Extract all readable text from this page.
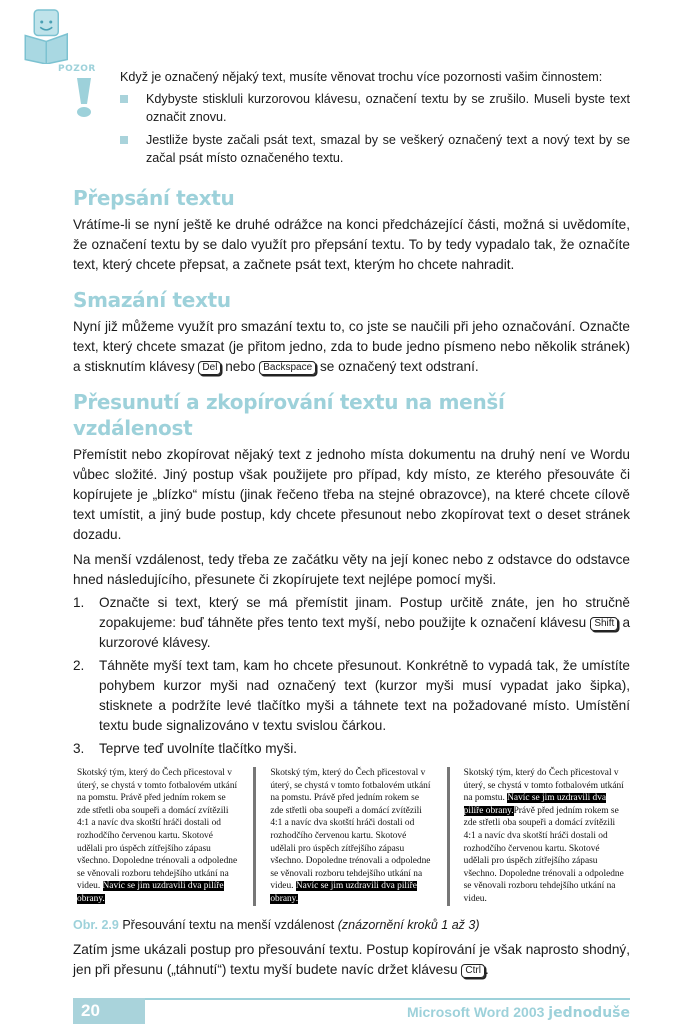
POZOR
Když je označený nějaký text, musíte věnovat trochu více pozornosti vašim činnostem:
Kdybyste stiskluli kurzorovou klávesu, označení textu by se zrušilo. Museli byste text označit znovu.
Jestliže byste začali psát text, smazal by se veškerý označený text a nový text by se začal psát místo označeného textu.
Přepsání textu
Vrátíme-li se nyní ještě ke druhé odrážce na konci předcházející části, možná si uvědomíte, že označení textu by se dalo využít pro přepsání textu. To by tedy vypadalo tak, že označíte text, který chcete přepsat, a začnete psát text, kterým ho chcete nahradit.
Smazání textu
Nyní již můžeme využít pro smazání textu to, co jste se naučili při jeho označování. Označte text, který chcete smazat (je přitom jedno, zda to bude jedno písmeno nebo několik stránek) a stisknutím klávesy Del nebo Backspace se označený text odstraní.
Přesunutí a zkopírování textu na menší vzdálenost
Přemístit nebo zkopírovat nějaký text z jednoho místa dokumentu na druhý není ve Wordu vůbec složité. Jiný postup však použijete pro případ, kdy místo, ze kterého přesouváte či kopírujete je „blízko“ místu (jinak řečeno třeba na stejné obrazovce), na které chcete cílově text umístit, a jiný bude postup, kdy chcete přesunout nebo zkopírovat text o deset stránek dozadu.
Na menší vzdálenost, tedy třeba ze začátku věty na její konec nebo z odstavce do odstavce hned následujícího, přesunete či zkopírujete text nejlépe pomocí myši.
1. Označte si text, který se má přemístit jinam. Postup určitě znáte, jen ho stručně zopakujeme: buď táhněte přes tento text myší, nebo použijte k označení klávesu Shift a kurzorové klávesy.
2. Táhněte myší text tam, kam ho chcete přesunout. Konkrétně to vypadá tak, že umístíte pohybem kurzor myši nad označený text (kurzor myši musí vypadat jako šipka), stisknete a podržíte levé tlačítko myši a táhnete text na požadované místo. Umístění textu bude signalizováno v textu svislou čárkou.
3. Teprve teď uvolníte tlačítko myši.
Skotský tým, který do Čech přicestoval v úterý, se chystá v tomto fotbalovém utkání na pomstu. Právě před jedním rokem se zde střetli oba soupeři a domácí zvítězili 4:1 a navíc dva skotští hráči dostali od rozhodčího červenou kartu. Skotové udělali pro úspěch zítřejšího zápasu všechno. Dopoledne trénovali a odpoledne se věnovali rozboru tehdejšího utkání na videu. Navíc se jim uzdravili dva pilíře obrany.
Skotský tým, který do Čech přicestoval v úterý, se chystá v tomto fotbalovém utkání na pomstu. Právě před jedním rokem se zde střetli oba soupeři a domácí zvítězili 4:1 a navíc dva skotští hráči dostali od rozhodčího červenou kartu. Skotové udělali pro úspěch zítřejšího zápasu všechno. Dopoledne trénovali a odpoledne se věnovali rozboru tehdejšího utkání na videu. Navíc se jim uzdravili dva pilíře obrany.
Skotský tým, který do Čech přicestoval v úterý, se chystá v tomto fotbalovém utkání na pomstu. Navíc se jim uzdravili dva pilíře obrany.Právě před jedním rokem se zde střetli oba soupeři a domácí zvítězili 4:1 a navíc dva skotští hráči dostali od rozhodčího červenou kartu. Skotové udělali pro úspěch zítřejšího zápasu všechno. Dopoledne trénovali a odpoledne se věnovali rozboru tehdejšího utkání na videu.
Obr. 2.9 Přesouvání textu na menší vzdálenost (znázornění kroků 1 až 3)
Zatím jsme ukázali postup pro přesouvání textu. Postup kopírování je však naprosto shodný, jen při přesunu („táhnutí“) textu myší budete navíc držet klávesu Ctrl .
20	Microsoft Word 2003 jednoduše
